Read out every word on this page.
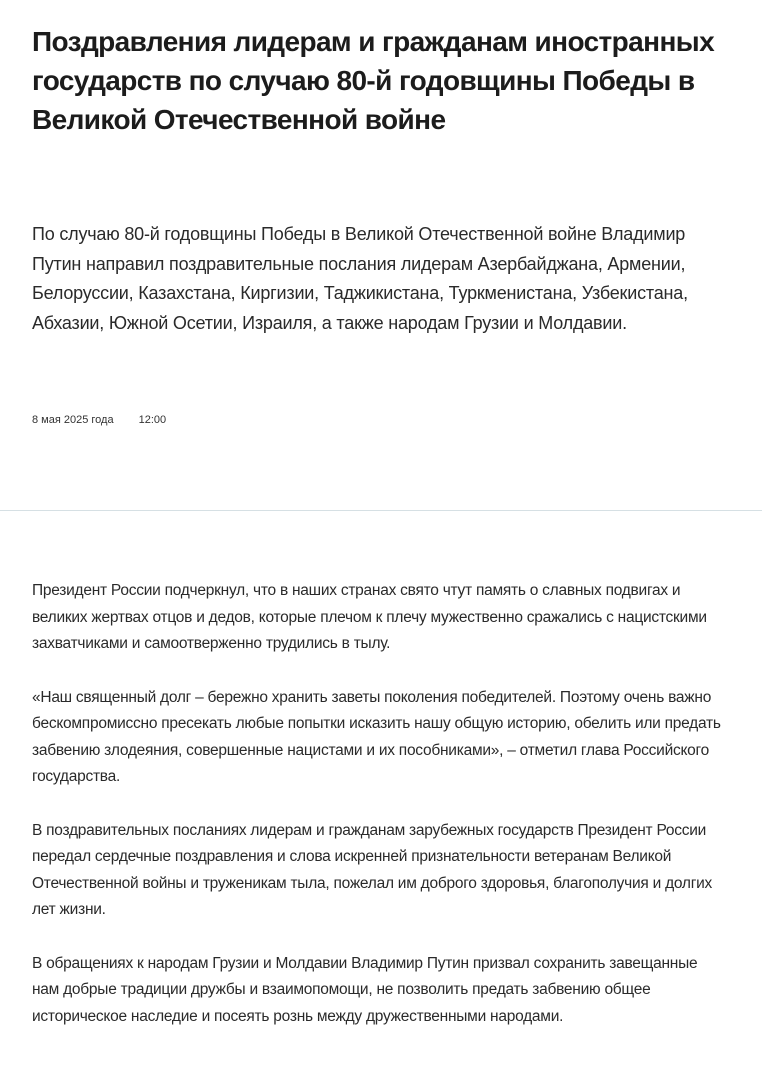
Поздравления лидерам и гражданам иностранных государств по случаю 80-й годовщины Победы в Великой Отечественной войне

По случаю 80-й годовщины Победы в Великой Отечественной войне Владимир Путин направил поздравительные послания лидерам Азербайджана, Армении, Белоруссии, Казахстана, Киргизии, Таджикистана, Туркменистана, Узбекистана, Абхазии, Южной Осетии, Израиля, а также народам Грузии и Молдавии.

8 мая 2025 года 12:00

Президент России подчеркнул, что в наших странах свято чтут память о славных подвигах и великих жертвах отцов и дедов, которые плечом к плечу мужественно сражались с нацистскими захватчиками и самоотверженно трудились в тылу.

«Наш священный долг – бережно хранить заветы поколения победителей. Поэтому очень важно бескомпромиссно пресекать любые попытки исказить нашу общую историю, обелить или предать забвению злодеяния, совершенные нацистами и их пособниками», – отметил глава Российского государства.

В поздравительных посланиях лидерам и гражданам зарубежных государств Президент России передал сердечные поздравления и слова искренней признательности ветеранам Великой Отечественной войны и труженикам тыла, пожелал им доброго здоровья, благополучия и долгих лет жизни.

В обращениях к народам Грузии и Молдавии Владимир Путин призвал сохранить завещанные нам добрые традиции дружбы и взаимопомощи, не позволить предать забвению общее историческое наследие и посеять рознь между дружественными народами.
